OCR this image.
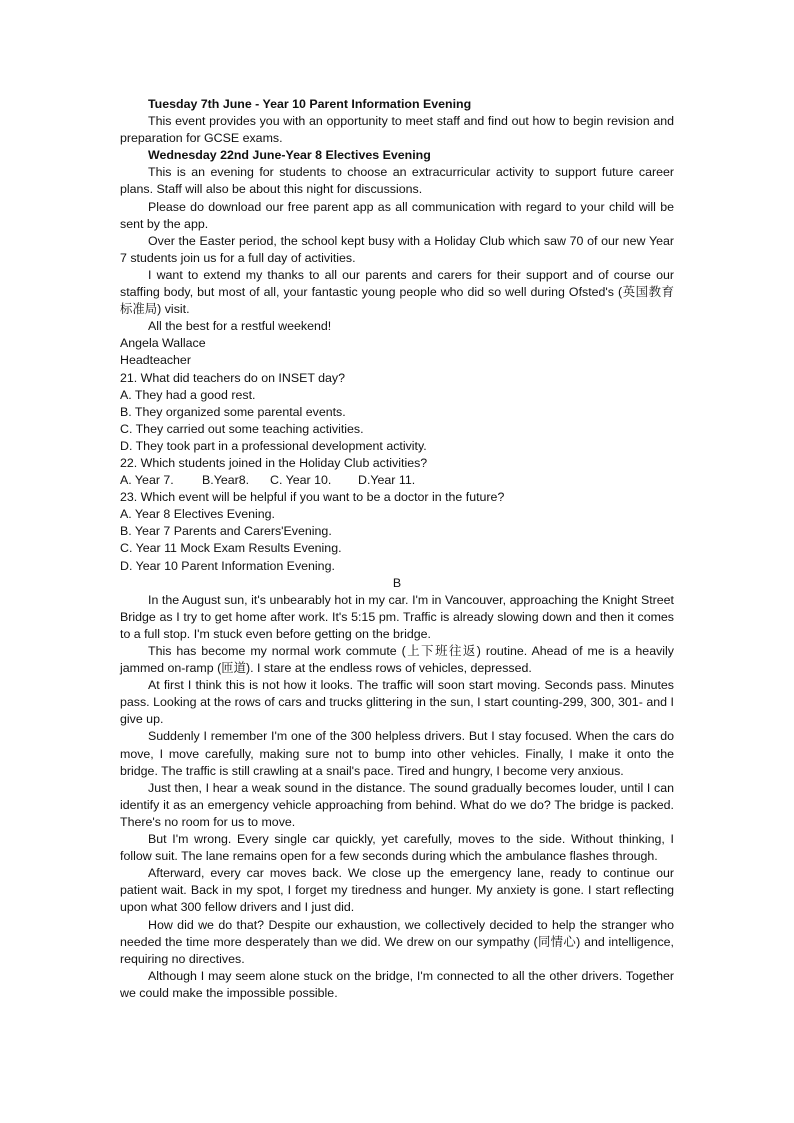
Tuesday 7th June - Year 10 Parent Information Evening

This event provides you with an opportunity to meet staff and find out how to begin revision and preparation for GCSE exams.

Wednesday 22nd June-Year 8 Electives Evening

This is an evening for students to choose an extracurricular activity to support future career plans. Staff will also be about this night for discussions.

Please do download our free parent app as all communication with regard to your child will be sent by the app.

Over the Easter period, the school kept busy with a Holiday Club which saw 70 of our new Year 7 students join us for a full day of activities.

I want to extend my thanks to all our parents and carers for their support and of course our staffing body, but most of all, your fantastic young people who did so well during Ofsted's (英国教育标准局) visit.

All the best for a restful weekend!

Angela Wallace

Headteacher

21. What did teachers do on INSET day?

A. They had a good rest.

B. They organized some parental events.

C. They carried out some teaching activities.

D. They took part in a professional development activity.

22. Which students joined in the Holiday Club activities?

A. Year 7.	B.Year8.	C. Year 10.	D.Year 11.

23. Which event will be helpful if you want to be a doctor in the future?

A. Year 8 Electives Evening.

B. Year 7 Parents and Carers'Evening.

C. Year 11 Mock Exam Results Evening.

D. Year 10 Parent Information Evening.

B

In the August sun, it's unbearably hot in my car. I'm in Vancouver, approaching the Knight Street Bridge as I try to get home after work. It's 5:15 pm. Traffic is already slowing down and then it comes to a full stop. I'm stuck even before getting on the bridge.

This has become my normal work commute (上下班往返) routine. Ahead of me is a heavily jammed on-ramp (匝道). I stare at the endless rows of vehicles, depressed.

At first I think this is not how it looks. The traffic will soon start moving. Seconds pass. Minutes pass. Looking at the rows of cars and trucks glittering in the sun, I start counting-299, 300, 301- and I give up.

Suddenly I remember I'm one of the 300 helpless drivers. But I stay focused. When the cars do move, I move carefully, making sure not to bump into other vehicles. Finally, I make it onto the bridge. The traffic is still crawling at a snail's pace. Tired and hungry, I become very anxious.

Just then, I hear a weak sound in the distance. The sound gradually becomes louder, until I can identify it as an emergency vehicle approaching from behind. What do we do? The bridge is packed. There's no room for us to move.

But I'm wrong. Every single car quickly, yet carefully, moves to the side. Without thinking, I follow suit. The lane remains open for a few seconds during which the ambulance flashes through.

Afterward, every car moves back. We close up the emergency lane, ready to continue our patient wait. Back in my spot, I forget my tiredness and hunger. My anxiety is gone. I start reflecting upon what 300 fellow drivers and I just did.

How did we do that? Despite our exhaustion, we collectively decided to help the stranger who needed the time more desperately than we did. We drew on our sympathy (同情心) and intelligence, requiring no directives.

Although I may seem alone stuck on the bridge, I'm connected to all the other drivers. Together we could make the impossible possible.
